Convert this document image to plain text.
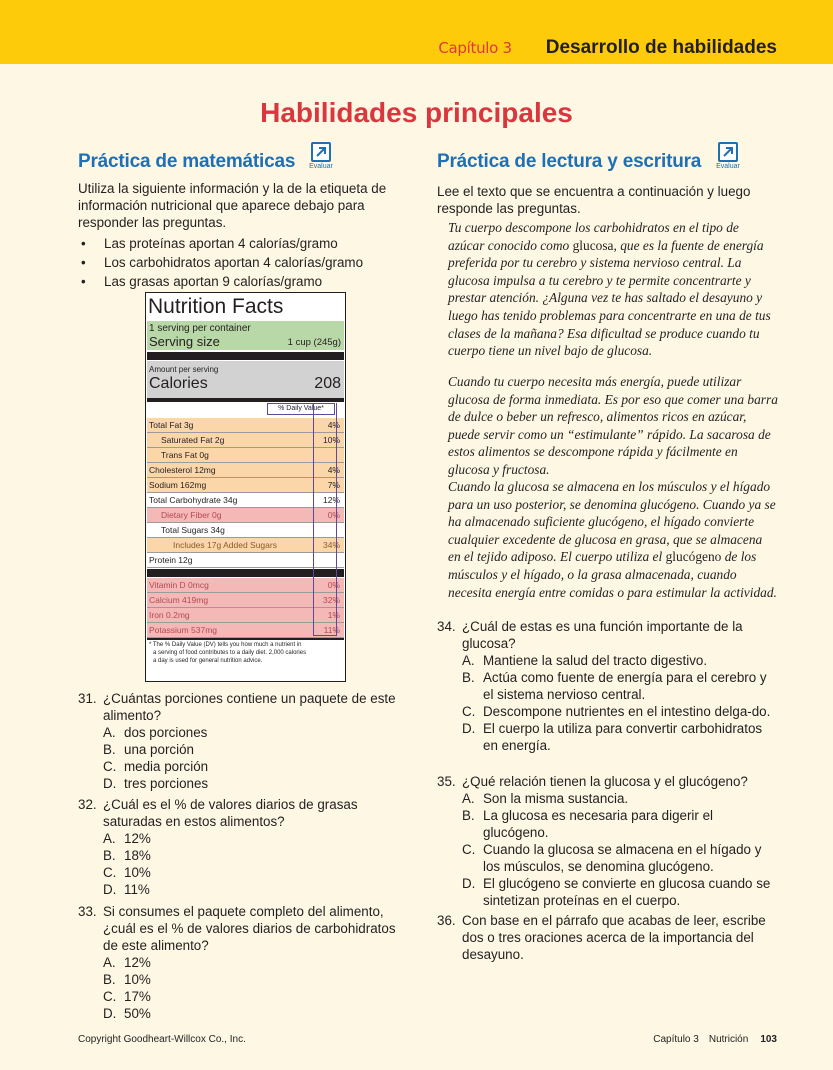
Capítulo 3 Desarrollo de habilidades
Habilidades principales
Práctica de matemáticas	Evaluar
Utiliza la siguiente información y la de la etiqueta de información nutricional que aparece debajo para responder las preguntas.
• Las proteínas aportan 4 calorías/gramo
• Los carbohidratos aportan 4 calorías/gramo
• Las grasas aportan 9 calorías/gramo
Nutrition Facts
1 serving per container
Serving size	1 cup (245g)
Amount per serving
Calories	208
% Daily Value*
Total Fat 3g	4%
Saturated Fat 2g	10%
Trans Fat 0g
Cholesterol 12mg	4%
Sodium 162mg	7%
Total Carbohydrate 34g	12%
Dietary Fiber 0g	0%
Total Sugars 34g
Includes 17g Added Sugars	34%
Protein 12g
Vitamin D 0mcg	0%
Calcium 419mg	32%
Iron 0.2mg	1%
Potassium 537mg	11%
* The % Daily Value (DV) tells you how much a nutrient in
a serving of food contributes to a daily diet. 2,000 calories
a day is used for general nutrition advice.
31. ¿Cuántas porciones contiene un paquete de este alimento?
A. dos porciones
B. una porción
C. media porción
D. tres porciones
32. ¿Cuál es el % de valores diarios de grasas saturadas en estos alimentos?
A. 12%
B. 18%
C. 10%
D. 11%
33. Si consumes el paquete completo del alimento, ¿cuál es el % de valores diarios de carbohidratos de este alimento?
A. 12%
B. 10%
C. 17%
D. 50%
Práctica de lectura y escritura	Evaluar
Lee el texto que se encuentra a continuación y luego responde las preguntas.
Tu cuerpo descompone los carbohidratos en el tipo de azúcar conocido como glucosa, que es la fuente de energía preferida por tu cerebro y sistema nervioso central. La glucosa impulsa a tu cerebro y te permite concentrarte y prestar atención. ¿Alguna vez te has saltado el desayuno y luego has tenido problemas para concentrarte en una de tus clases de la mañana? Esa dificultad se produce cuando tu cuerpo tiene un nivel bajo de glucosa.
Cuando tu cuerpo necesita más energía, puede utilizar glucosa de forma inmediata. Es por eso que comer una barra de dulce o beber un refresco, alimentos ricos en azúcar, puede servir como un “estimulante” rápido. La sacarosa de estos alimentos se descompone rápida y fácilmente en glucosa y fructosa.
Cuando la glucosa se almacena en los músculos y el hígado para un uso posterior, se denomina glucógeno. Cuando ya se ha almacenado suficiente glucógeno, el hígado convierte cualquier excedente de glucosa en grasa, que se almacena en el tejido adiposo. El cuerpo utiliza el glucógeno de los músculos y el hígado, o la grasa almacenada, cuando necesita energía entre comidas o para estimular la actividad.
34. ¿Cuál de estas es una función importante de la glucosa?
A. Mantiene la salud del tracto digestivo.
B. Actúa como fuente de energía para el cerebro y el sistema nervioso central.
C. Descompone nutrientes en el intestino delga-do.
D. El cuerpo la utiliza para convertir carbohidratos en energía.
35. ¿Qué relación tienen la glucosa y el glucógeno?
A. Son la misma sustancia.
B. La glucosa es necesaria para digerir el glucógeno.
C. Cuando la glucosa se almacena en el hígado y los músculos, se denomina glucógeno.
D. El glucógeno se convierte en glucosa cuando se sintetizan proteínas en el cuerpo.
36. Con base en el párrafo que acabas de leer, escribe dos o tres oraciones acerca de la importancia del desayuno.
Copyright Goodheart-Willcox Co., Inc.	Capítulo 3 Nutrición 103
